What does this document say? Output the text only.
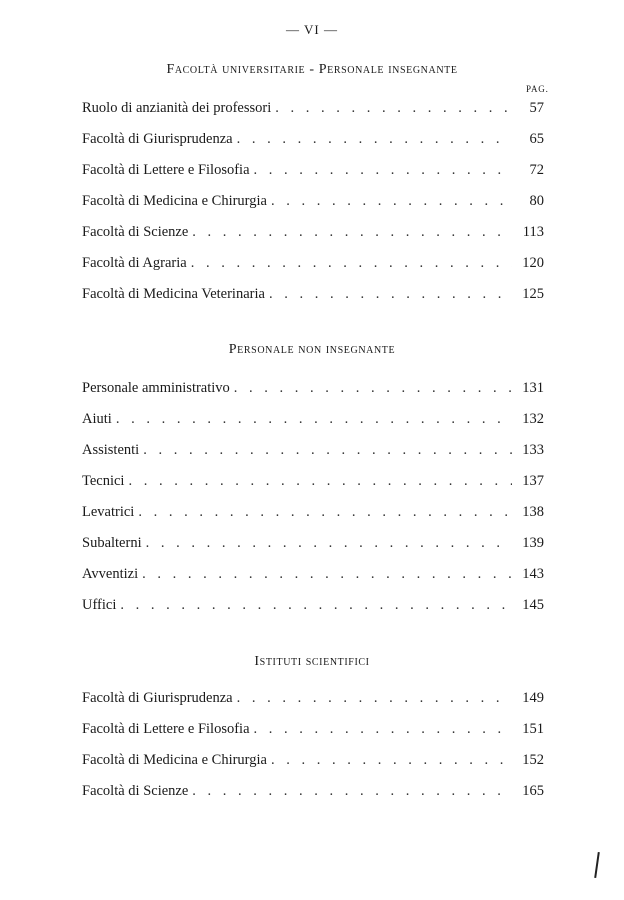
— VI —
Facoltà universitarie - Personale insegnante
PAG.
Ruolo di anzianità dei professori . . .	57
Facoltà di Giurisprudenza . . .	65
Facoltà di Lettere e Filosofia . . .	72
Facoltà di Medicina e Chirurgia . . .	80
Facoltà di Scienze . . .	113
Facoltà di Agraria . . .	120
Facoltà di Medicina Veterinaria . . .	125
Personale non insegnante
Personale amministrativo . . .	131
Aiuti . . .	132
Assistenti . . .	133
Tecnici . . .	137
Levatrici . . .	138
Subalterni . . .	139
Avventizi . . .	143
Uffici . . .	145
Istituti scientifici
Facoltà di Giurisprudenza . . .	149
Facoltà di Lettere e Filosofia . . .	151
Facoltà di Medicina e Chirurgia . . .	152
Facoltà di Scienze . . .	165
